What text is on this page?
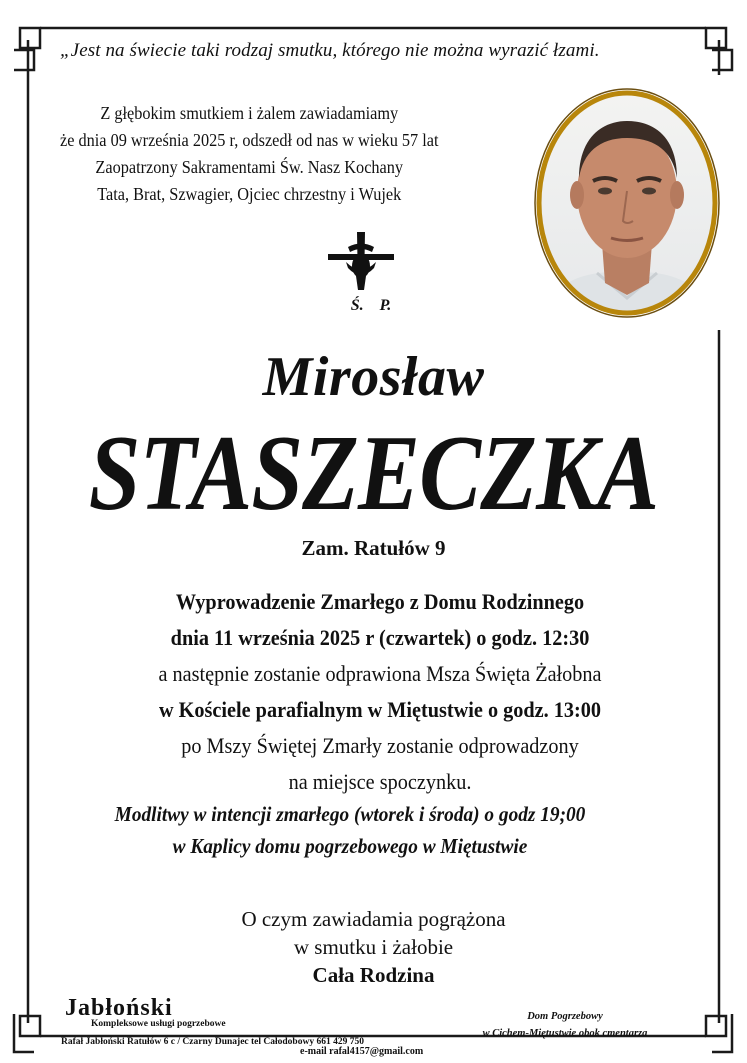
„Jest na świecie taki rodzaj smutku, którego nie można wyrazić łzami.
Z głębokim smutkiem i żalem zawiadamiamy
że dnia 09 września 2025 r, odszedł od nas w wieku 57 lat
Zaopatrzony Sakramentami Św. Nasz Kochany
Tata, Brat, Szwagier, Ojciec chrzestny i Wujek
Ś.    P.
Mirosław
STASZECZKA
Zam. Ratułów 9
Wyprowadzenie Zmarłego z Domu Rodzinnego
dnia 11 września 2025 r (czwartek) o godz. 12:30
a następnie zostanie odprawiona Msza Święta Żałobna
w Kościele parafialnym w Miętustwie o godz. 13:00
po Mszy Świętej Zmarły zostanie odprowadzony
na miejsce spoczynku.
Modlitwy w intencji zmarłego (wtorek i środa) o godz 19;00
w Kaplicy domu pogrzebowego w Miętustwie
O czym zawiadamia pogrążona
w smutku i żałobie
Cała Rodzina
Jabłoński
Kompleksowe usługi pogrzebowe
Rafał Jabłoński Ratułów 6 c / Czarny Dunajec tel Całodobowy 661 429 750
Dom Pogrzebowy
w Cichem-Miętustwie obok cmentarza
e-mail rafal4157@gmail.com
